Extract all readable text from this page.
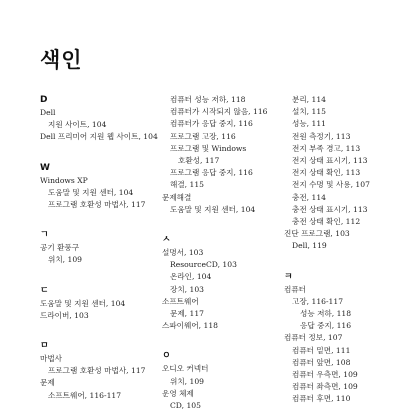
색인
D
Dell
지원 사이트, 104
Dell 프리미어 지원 웹 사이트, 104
W
Windows XP
도움말 및 지원 센터, 104
프로그램 호환성 마법사, 117
ㄱ
공기 환풍구
위치, 109
ㄷ
도움말 및 지원 센터, 104
드라이버, 103
ㅁ
마법사
프로그램 호환성 마법사, 117
문제
소프트웨어, 116-117
컴퓨터 성능 저하, 118
컴퓨터가 시작되지 않음, 116
컴퓨터가 응답 중지, 116
프로그램 고장, 116
프로그램 및 Windows
호환성, 117
프로그램 응답 중지, 116
해결, 115
문제해결
도움말 및 지원 센터, 104
ㅅ
설명서, 103
ResourceCD, 103
온라인, 104
장치, 103
소프트웨어
문제, 117
스파이웨어, 118
ㅇ
오디오 커넥터
위치, 109
운영 체제
CD, 105
분리, 114
설치, 115
성능, 111
전원 측정기, 113
전지 부족 경고, 113
전지 상태 표시기, 113
전지 상태 확인, 113
전지 수명 및 사용, 107
충전, 114
충전 상태 표시기, 113
충전 상태 확인, 112
진단 프로그램, 103
Dell, 119
ㅋ
컴퓨터
고장, 116-117
성능 저하, 118
응답 중지, 116
컴퓨터 정보, 107
컴퓨터 밑면, 111
컴퓨터 앞면, 108
컴퓨터 우측면, 109
컴퓨터 좌측면, 109
컴퓨터 후면, 110
